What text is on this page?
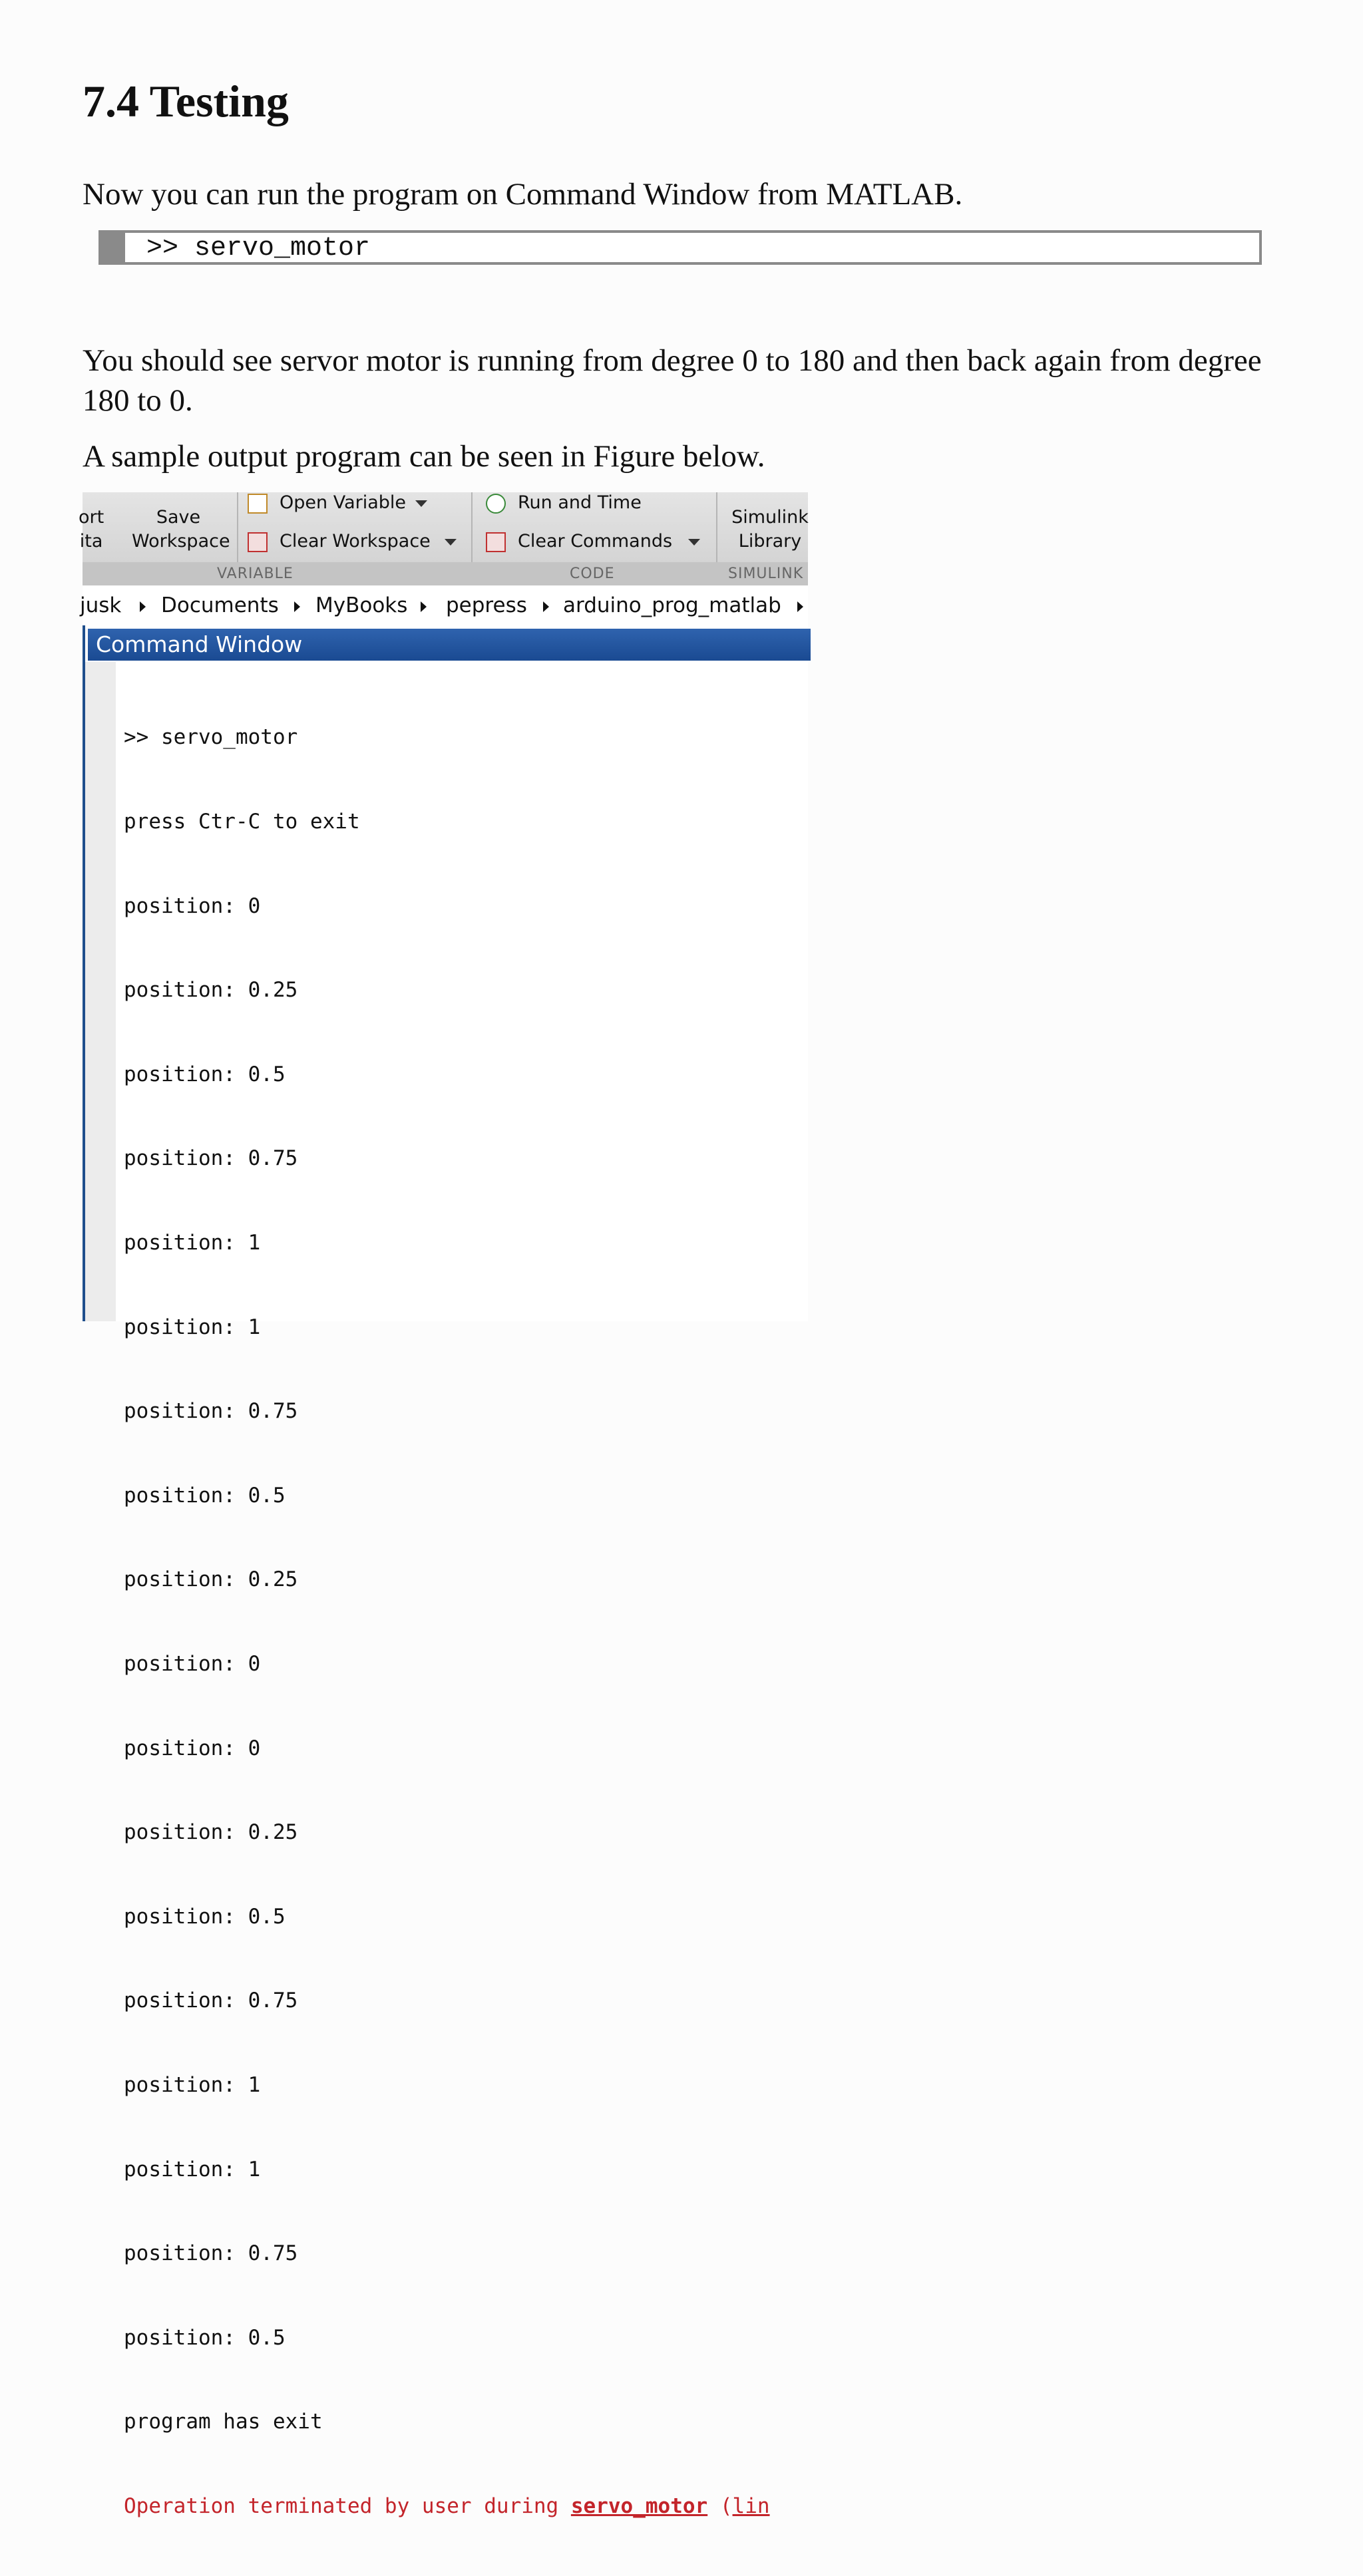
7.4 Testing

Now you can run the program on Command Window from MATLAB.

>> servo_motor

You should see servor motor is running from degree 0 to 180 and then back again from degree 180 to 0.

A sample output program can be seen in Figure below.

ort
ita
Save
Workspace
Open Variable
Clear Workspace
Run and Time
Clear Commands
Simulink
Library
VARIABLE	CODE	SIMULINK
jusk Documents MyBooks pepress arduino_prog_matlab
Command Window

>> servo_motor

press Ctr-C to exit

position: 0

position: 0.25

position: 0.5

position: 0.75

position: 1

position: 1

position: 0.75

position: 0.5

position: 0.25

position: 0

position: 0

position: 0.25

position: 0.5

position: 0.75

position: 1

position: 1

position: 0.75

position: 0.5

program has exit

Operation terminated by user during servo_motor (lin
